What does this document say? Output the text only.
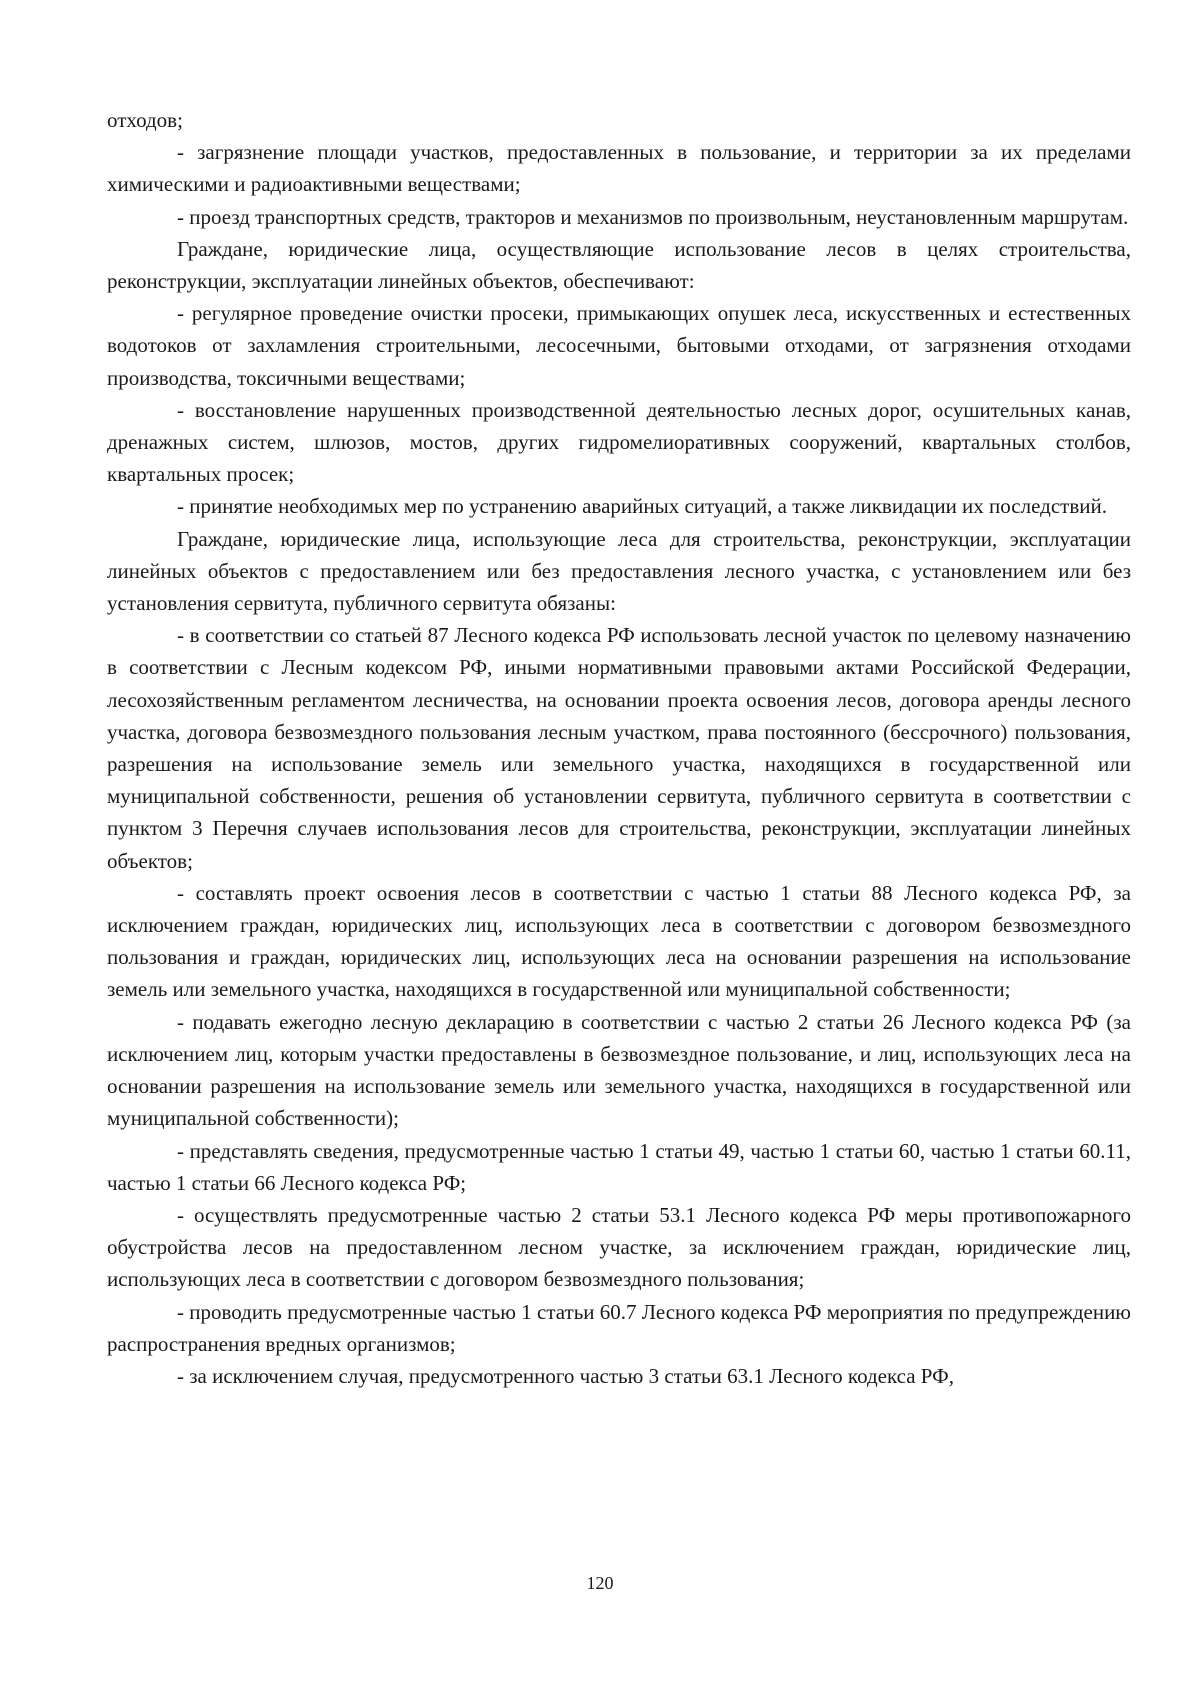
отходов;

- загрязнение площади участков, предоставленных в пользование, и территории за их пределами химическими и радиоактивными веществами;

- проезд транспортных средств, тракторов и механизмов по произвольным, неустановленным маршрутам.

Граждане, юридические лица, осуществляющие использование лесов в целях строительства, реконструкции, эксплуатации линейных объектов, обеспечивают:

- регулярное проведение очистки просеки, примыкающих опушек леса, искусственных и естественных водотоков от захламления строительными, лесосечными, бытовыми отходами, от загрязнения отходами производства, токсичными веществами;

- восстановление нарушенных производственной деятельностью лесных дорог, осушительных канав, дренажных систем, шлюзов, мостов, других гидромелиоративных сооружений, квартальных столбов, квартальных просек;

- принятие необходимых мер по устранению аварийных ситуаций, а также ликвидации их последствий.

Граждане, юридические лица, использующие леса для строительства, реконструкции, эксплуатации линейных объектов с предоставлением или без предоставления лесного участка, с установлением или без установления сервитута, публичного сервитута обязаны:

- в соответствии со статьей 87 Лесного кодекса РФ использовать лесной участок по целевому назначению в соответствии с Лесным кодексом РФ, иными нормативными правовыми актами Российской Федерации, лесохозяйственным регламентом лесничества, на основании проекта освоения лесов, договора аренды лесного участка, договора безвозмездного пользования лесным участком, права постоянного (бессрочного) пользования, разрешения на использование земель или земельного участка, находящихся в государственной или муниципальной собственности, решения об установлении сервитута, публичного сервитута в соответствии с пунктом 3 Перечня случаев использования лесов для строительства, реконструкции, эксплуатации линейных объектов;

- составлять проект освоения лесов в соответствии с частью 1 статьи 88 Лесного кодекса РФ, за исключением граждан, юридических лиц, использующих леса в соответствии с договором безвозмездного пользования и граждан, юридических лиц, использующих леса на основании разрешения на использование земель или земельного участка, находящихся в государственной или муниципальной собственности;

- подавать ежегодно лесную декларацию в соответствии с частью 2 статьи 26 Лесного кодекса РФ (за исключением лиц, которым участки предоставлены в безвозмездное пользование, и лиц, использующих леса на основании разрешения на использование земель или земельного участка, находящихся в государственной или муниципальной собственности);

- представлять сведения, предусмотренные частью 1 статьи 49, частью 1 статьи 60, частью 1 статьи 60.11, частью 1 статьи 66 Лесного кодекса РФ;

- осуществлять предусмотренные частью 2 статьи 53.1 Лесного кодекса РФ меры противопожарного обустройства лесов на предоставленном лесном участке, за исключением граждан, юридические лиц, использующих леса в соответствии с договором безвозмездного пользования;

- проводить предусмотренные частью 1 статьи 60.7 Лесного кодекса РФ мероприятия по предупреждению распространения вредных организмов;

- за исключением случая, предусмотренного частью 3 статьи 63.1 Лесного кодекса РФ,

120
